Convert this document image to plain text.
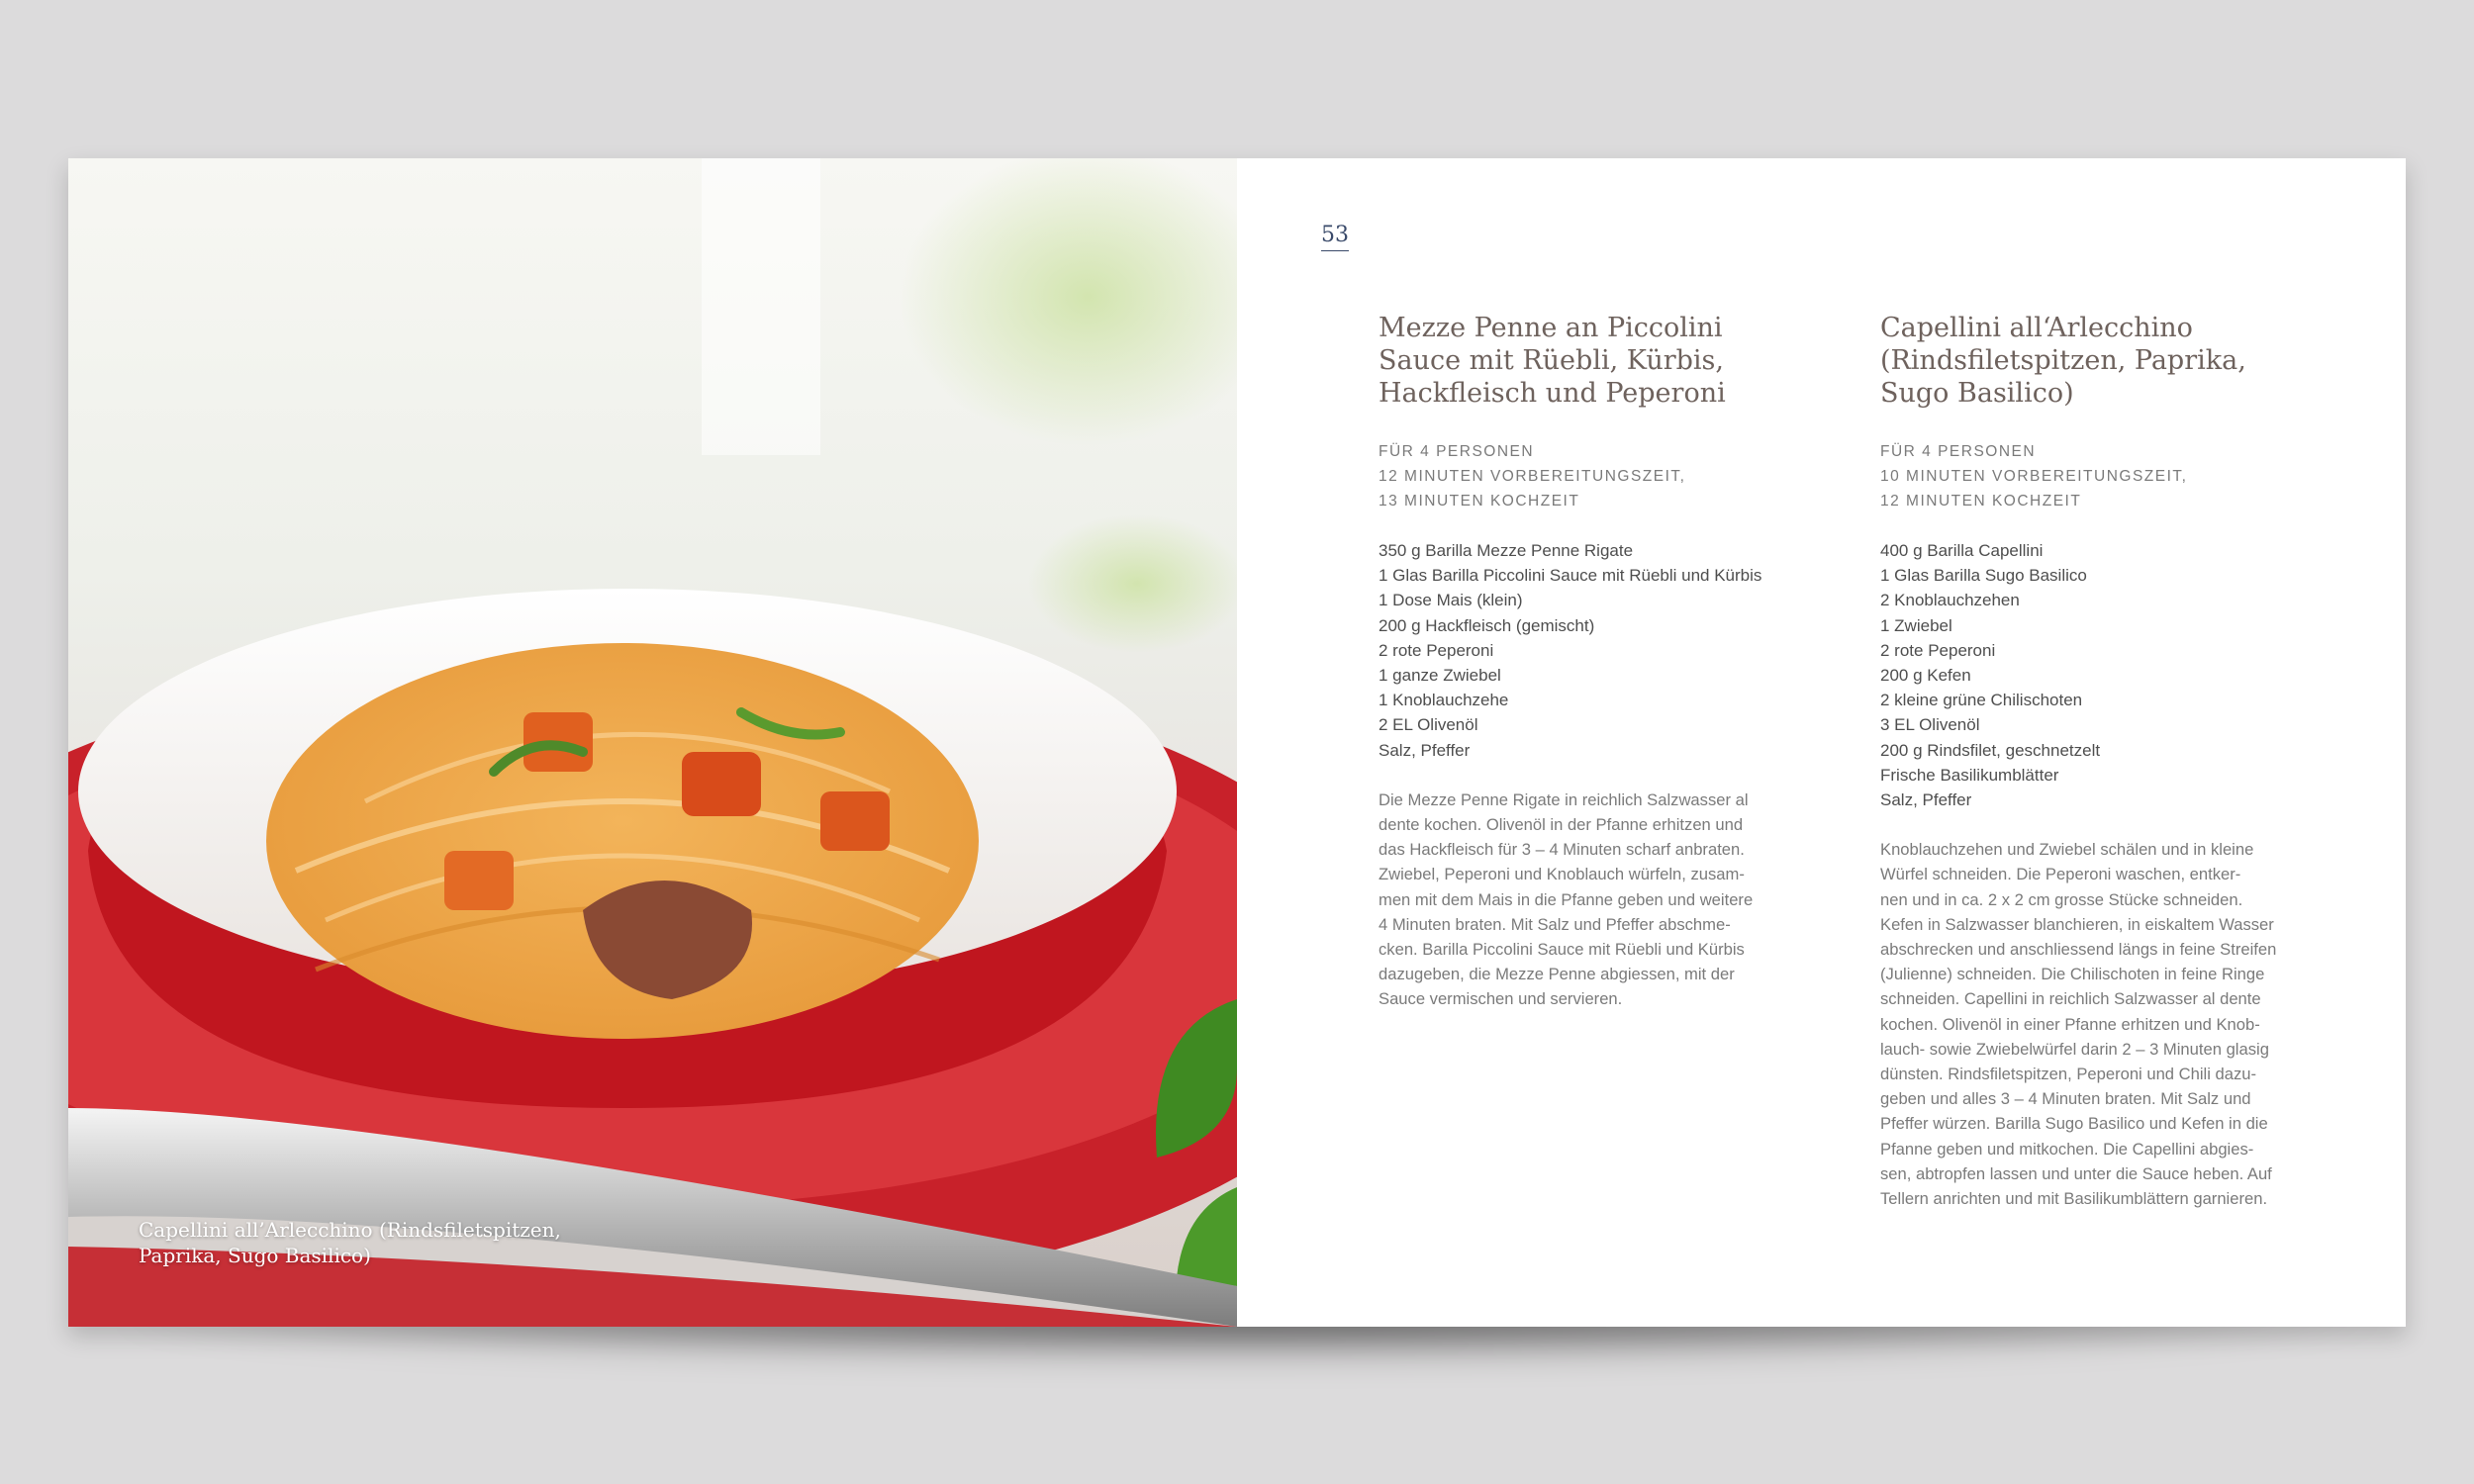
Capellini all’Arlecchino (Rindsfiletspitzen,
Paprika, Sugo Basilico)
53
Mezze Penne an Piccolini
Sauce mit Rüebli, Kürbis,
Hackfleisch und Peperoni
FÜR 4 PERSONEN
12 MINUTEN VORBEREITUNGSZEIT,
13 MINUTEN KOCHZEIT
350 g Barilla Mezze Penne Rigate
1 Glas Barilla Piccolini Sauce mit Rüebli und Kürbis
1 Dose Mais (klein)
200 g Hackfleisch (gemischt)
2 rote Peperoni
1 ganze Zwiebel
1 Knoblauchzehe
2 EL Olivenöl
Salz, Pfeffer
Die Mezze Penne Rigate in reichlich Salzwasser al
dente kochen. Olivenöl in der Pfanne erhitzen und
das Hackfleisch für 3 – 4 Minuten scharf anbraten.
Zwiebel, Peperoni und Knoblauch würfeln, zusam-
men mit dem Mais in die Pfanne geben und weitere
4 Minuten braten. Mit Salz und Pfeffer abschme-
cken. Barilla Piccolini Sauce mit Rüebli und Kürbis
dazugeben, die Mezze Penne abgiessen, mit der
Sauce vermischen und servieren.
Capellini all‘Arlecchino
(Rindsfiletspitzen, Paprika,
Sugo Basilico)
FÜR 4 PERSONEN
10 MINUTEN VORBEREITUNGSZEIT,
12 MINUTEN KOCHZEIT
400 g Barilla Capellini
1 Glas Barilla Sugo Basilico
2 Knoblauchzehen
1 Zwiebel
2 rote Peperoni
200 g Kefen
2 kleine grüne Chilischoten
3 EL Olivenöl
200 g Rindsfilet, geschnetzelt
Frische Basilikumblätter
Salz, Pfeffer
Knoblauchzehen und Zwiebel schälen und in kleine
Würfel schneiden. Die Peperoni waschen, entker-
nen und in ca. 2 x 2 cm grosse Stücke schneiden.
Kefen in Salzwasser blanchieren, in eiskaltem Wasser
abschrecken und anschliessend längs in feine Streifen
(Julienne) schneiden. Die Chilischoten in feine Ringe
schneiden. Capellini in reichlich Salzwasser al dente
kochen. Olivenöl in einer Pfanne erhitzen und Knob-
lauch- sowie Zwiebelwürfel darin 2 – 3 Minuten glasig
dünsten. Rindsfiletspitzen, Peperoni und Chili dazu-
geben und alles 3 – 4 Minuten braten. Mit Salz und
Pfeffer würzen. Barilla Sugo Basilico und Kefen in die
Pfanne geben und mitkochen. Die Capellini abgies-
sen, abtropfen lassen und unter die Sauce heben. Auf
Tellern anrichten und mit Basilikumblättern garnieren.
